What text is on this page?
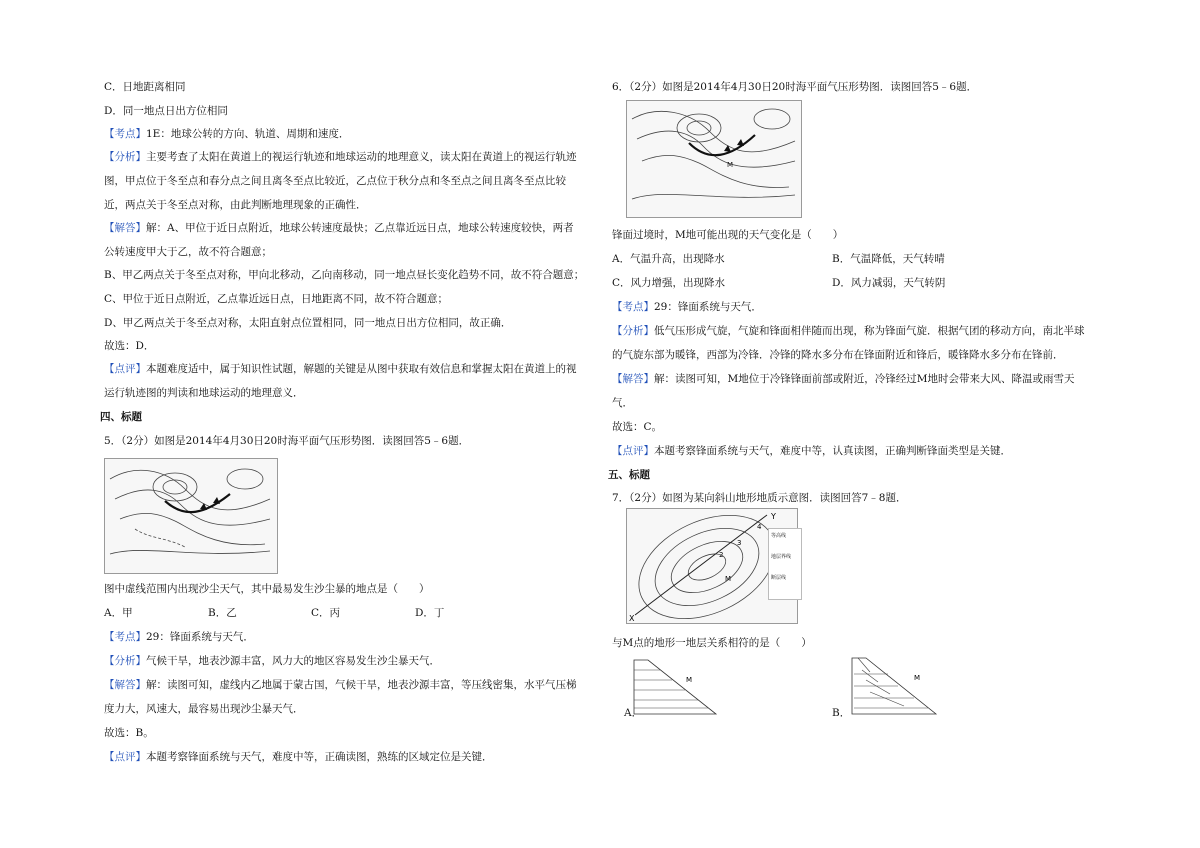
C．日地距离相同
D．同一地点日出方位相同
【考点】1E：地球公转的方向、轨道、周期和速度．
【分析】主要考查了太阳在黄道上的视运行轨迹和地球运动的地理意义，读太阳在黄道上的视运行轨迹
图，甲点位于冬至点和春分点之间且离冬至点比较近，乙点位于秋分点和冬至点之间且离冬至点比较
近，两点关于冬至点对称，由此判断地理现象的正确性．
【解答】解：A、甲位于近日点附近，地球公转速度最快；乙点靠近远日点，地球公转速度较快，两者
公转速度甲大于乙，故不符合题意；
B、甲乙两点关于冬至点对称，甲向北移动，乙向南移动，同一地点昼长变化趋势不同，故不符合题意；
C、甲位于近日点附近，乙点靠近远日点，日地距离不同，故不符合题意；
D、甲乙两点关于冬至点对称，太阳直射点位置相同，同一地点日出方位相同，故正确．
故选：D．
【点评】本题难度适中，属于知识性试题，解题的关键是从图中获取有效信息和掌握太阳在黄道上的视
运行轨迹图的判读和地球运动的地理意义．
四、标题
5．（2分）如图是2014年4月30日20时海平面气压形势图．读图回答5﹣6题．
图中虚线范围内出现沙尘天气，其中最易发生沙尘暴的地点是（　　）
A．甲	B．乙	C．丙	D．丁
【考点】29：锋面系统与天气．
【分析】气候干旱，地表沙源丰富，风力大的地区容易发生沙尘暴天气．
【解答】解：读图可知，虚线内乙地属于蒙古国，气候干旱，地表沙源丰富，等压线密集，水平气压梯
度力大，风速大，最容易出现沙尘暴天气．
故选：B。
【点评】本题考察锋面系统与天气，难度中等，正确读图，熟练的区域定位是关键．
6．（2分）如图是2014年4月30日20时海平面气压形势图．读图回答5﹣6题．
M
锋面过境时，M地可能出现的天气变化是（　　）
A．气温升高，出现降水	B．气温降低，天气转晴
C．风力增强，出现降水	D．风力减弱，天气转阴
【考点】29：锋面系统与天气．
【分析】低气压形成气旋，气旋和锋面相伴随而出现，称为锋面气旋．根据气团的移动方向，南北半球
的气旋东部为暖锋，西部为冷锋．冷锋的降水多分布在锋面附近和锋后，暖锋降水多分布在锋前．
【解答】解：读图可知，M地位于冷锋锋面前部或附近，冷锋经过M地时会带来大风、降温或雨雪天
气．
故选：C。
【点评】本题考察锋面系统与天气，难度中等，认真读图，正确判断锋面类型是关键．
五、标题
7．（2分）如图为某向斜山地形地质示意图．读图回答7﹣8题．
Y
X
M
4
3
2
等高线
地层界线
断层线
与M点的地形一地层关系相符的是（　　）
M
A．
M
B．
